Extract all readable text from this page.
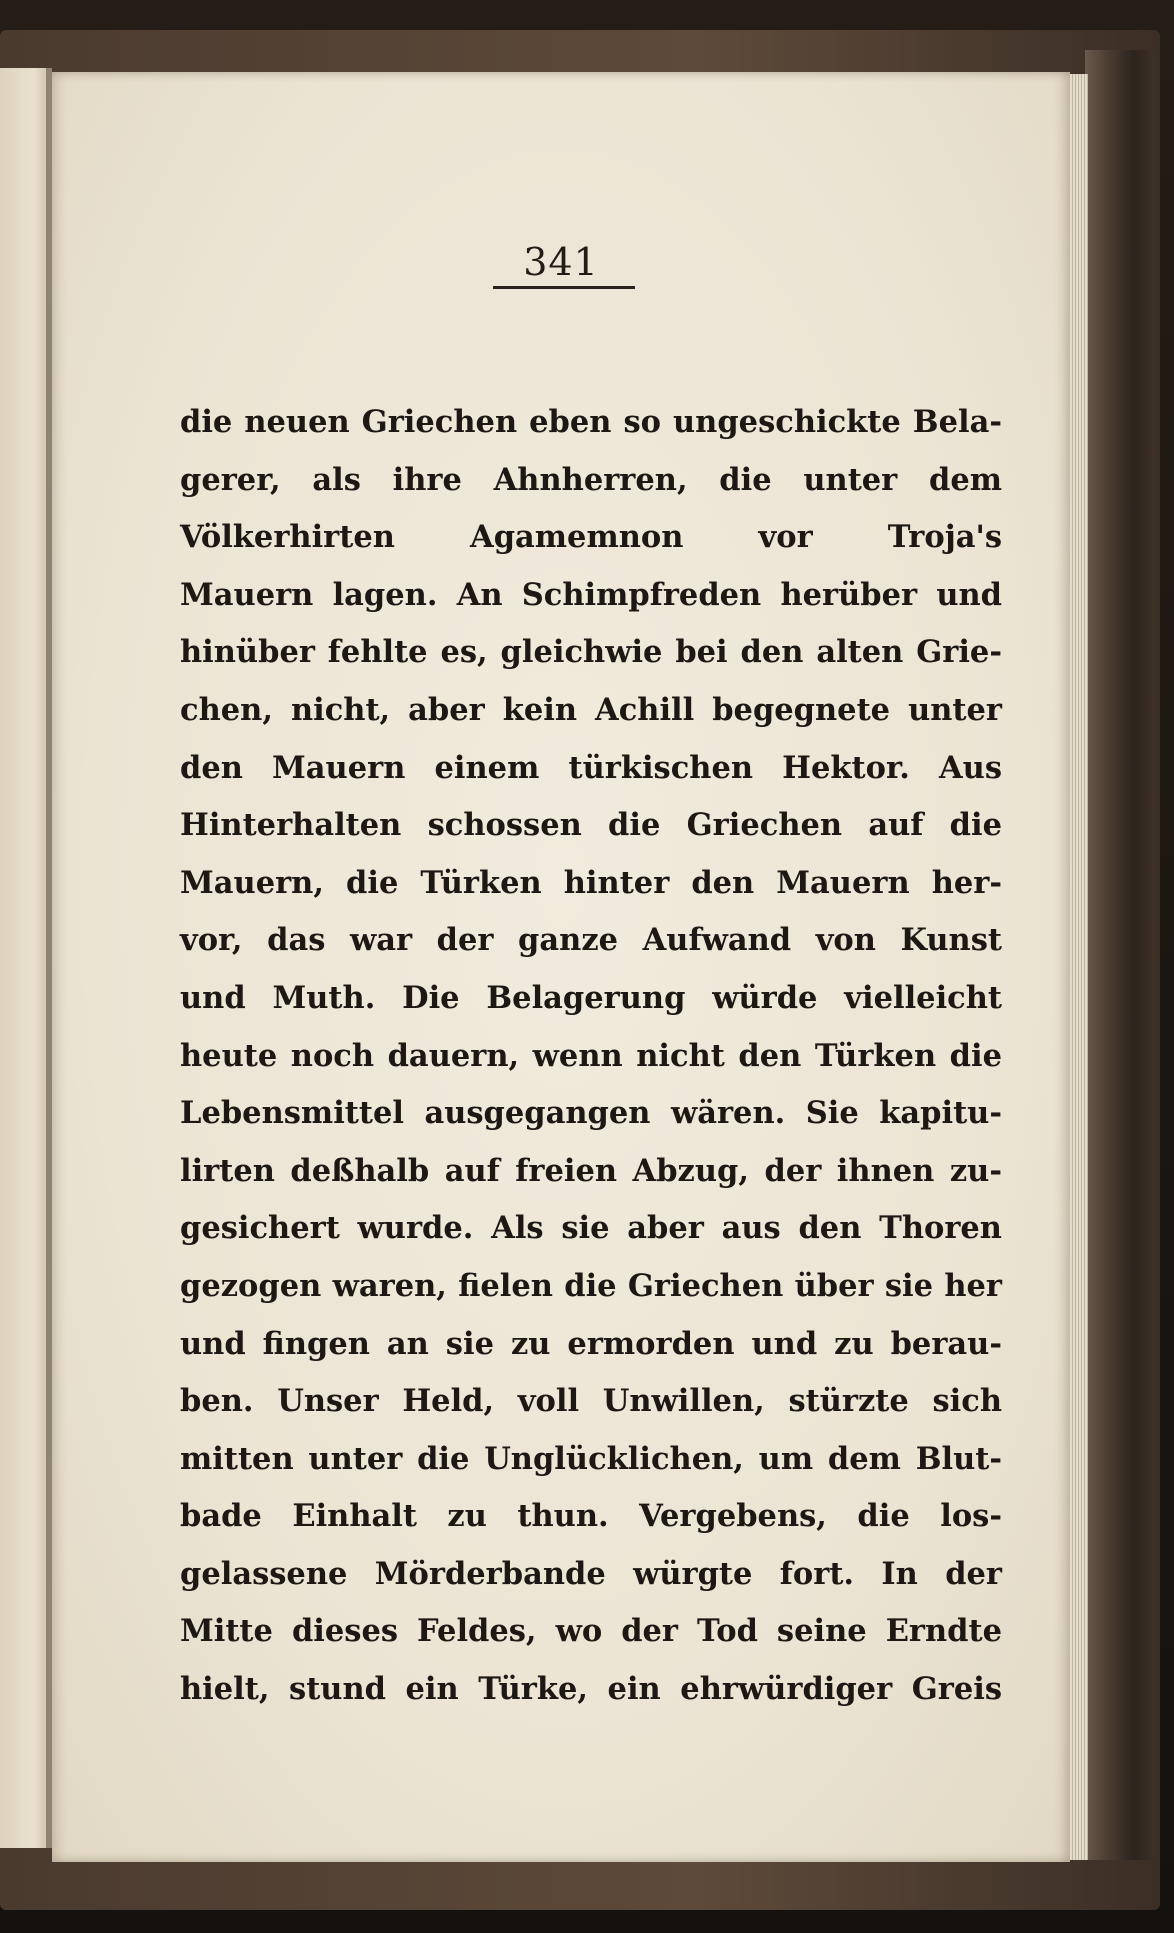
341
die neuen Griechen eben so ungeschickte Bela-
gerer, als ihre Ahnherren, die unter dem
Völkerhirten Agamemnon vor Troja's
Mauern lagen. An Schimpfreden herüber und
hinüber fehlte es, gleichwie bei den alten Grie-
chen, nicht, aber kein Achill begegnete unter
den Mauern einem türkischen Hektor. Aus
Hinterhalten schossen die Griechen auf die
Mauern, die Türken hinter den Mauern her-
vor, das war der ganze Aufwand von Kunst
und Muth. Die Belagerung würde vielleicht
heute noch dauern, wenn nicht den Türken die
Lebensmittel ausgegangen wären. Sie kapitu-
lirten deßhalb auf freien Abzug, der ihnen zu-
gesichert wurde. Als sie aber aus den Thoren
gezogen waren, fielen die Griechen über sie her
und fingen an sie zu ermorden und zu berau-
ben. Unser Held, voll Unwillen, stürzte sich
mitten unter die Unglücklichen, um dem Blut-
bade Einhalt zu thun. Vergebens, die los-
gelassene Mörderbande würgte fort. In der
Mitte dieses Feldes, wo der Tod seine Erndte
hielt, stund ein Türke, ein ehrwürdiger Greis
